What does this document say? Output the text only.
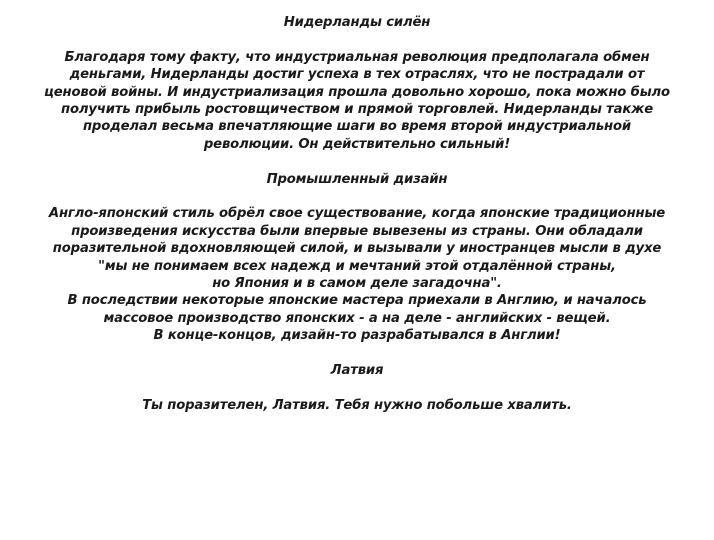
Нидерланды силён
Благодаря тому факту, что индустриальная революция предполагала обмен
деньгами, Нидерланды достиг успеха в тех отраслях, что не пострадали от
ценовой войны. И индустриализация прошла довольно хорошо, пока можно было
получить прибыль ростовщичеством и прямой торговлей. Нидерланды также
проделал весьма впечатляющие шаги во время второй индустриальной
революции. Он действительно сильный!
Промышленный дизайн
Англо-японский стиль обрёл свое существование, когда японские традиционные
произведения искусства были впервые вывезены из страны. Они обладали
поразительной вдохновляющей силой, и вызывали у иностранцев мысли в духе
"мы не понимаем всех надежд и мечтаний этой отдалённой страны,
но Япония и в самом деле загадочна".
В последствии некоторые японские мастера приехали в Англию, и началось
массовое производство японских - а на деле - английских - вещей.
В конце-концов, дизайн-то разрабатывался в Англии!
Латвия
Ты поразителен, Латвия. Тебя нужно побольше хвалить.
